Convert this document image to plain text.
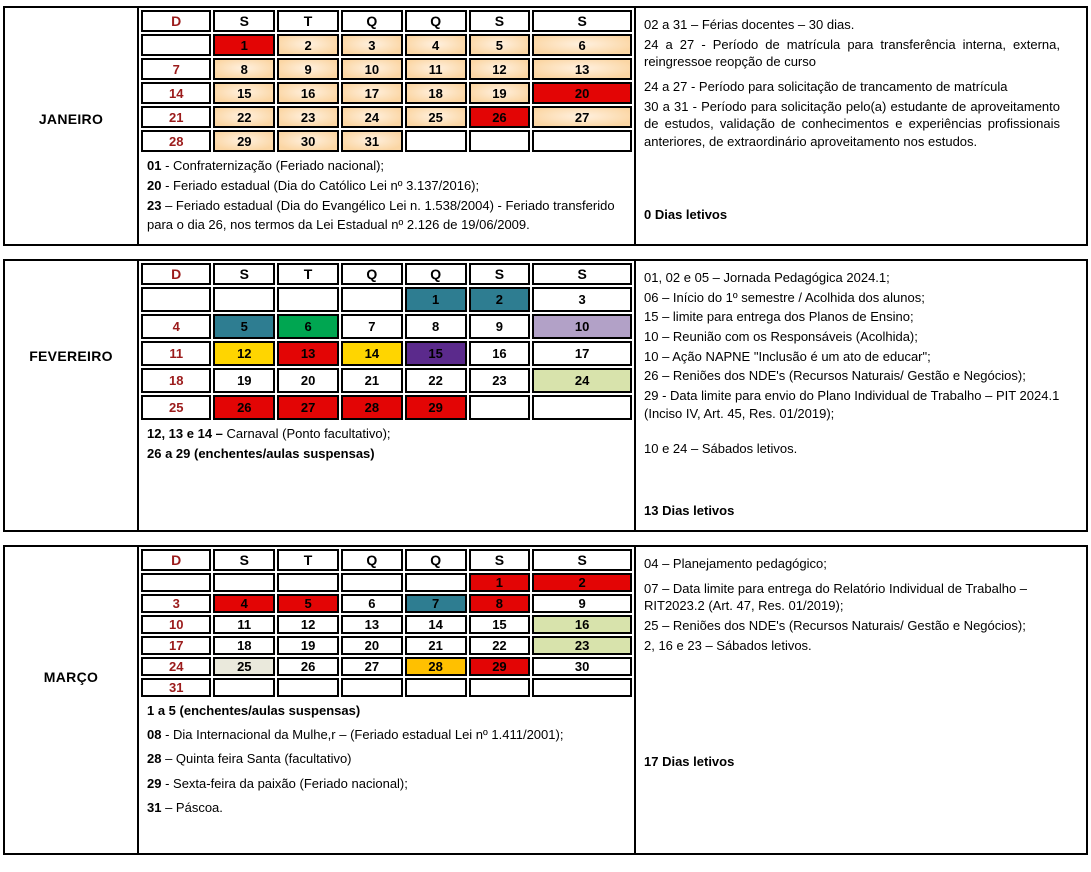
JANEIRO
D	S	T	Q	Q	S	S
	1	2	3	4	5	6
7	8	9	10	11	12	13
14	15	16	17	18	19	20
21	22	23	24	25	26	27
28	29	30	31			

01 - Confraternização (Feriado nacional);

20 - Feriado estadual (Dia do Católico Lei nº 3.137/2016);

23 – Feriado estadual (Dia do Evangélico Lei n. 1.538/2004) - Feriado transferido para o dia 26, nos termos da Lei Estadual nº 2.126 de 19/06/2009.

02 a 31 – Férias docentes – 30 dias.

24 a 27 - Período de matrícula para transferência interna, externa, reingressoe reopção de curso

24 a 27 - Período para solicitação de trancamento de matrícula

30 a 31 - Período para solicitação pelo(a) estudante de aproveitamento de estudos, validação de conhecimentos e experiências profissionais anteriores, de extraordinário aproveitamento nos estudos.

0 Dias letivos
FEVEREIRO
D	S	T	Q	Q	S	S
				1	2	3
4	5	6	7	8	9	10
11	12	13	14	15	16	17
18	19	20	21	22	23	24
25	26	27	28	29		

12, 13 e 14 – Carnaval (Ponto facultativo);

26 a 29 (enchentes/aulas suspensas)

01, 02 e 05 – Jornada Pedagógica 2024.1;

06 – Início do 1º semestre / Acolhida dos alunos;

15 – limite para entrega dos Planos de Ensino;

10 – Reunião com os Responsáveis (Acolhida);

10 – Ação NAPNE "Inclusão é um ato de educar";

26 – Reniões dos NDE's (Recursos Naturais/ Gestão e Negócios);

29 - Data limite para envio do Plano Individual de Trabalho – PIT 2024.1 (Inciso IV, Art. 45, Res. 01/2019);

10 e 24 – Sábados letivos.

13 Dias letivos
MARÇO
D	S	T	Q	Q	S	S
					1	2
3	4	5	6	7	8	9
10	11	12	13	14	15	16
17	18	19	20	21	22	23
24	25	26	27	28	29	30
31						

1 a 5 (enchentes/aulas suspensas)

08 - Dia Internacional da Mulhe,r – (Feriado estadual Lei nº 1.411/2001);

28 – Quinta feira Santa (facultativo)

29 - Sexta-feira da paixão (Feriado nacional);

31 – Páscoa.

04 – Planejamento pedagógico;

07 – Data limite para entrega do Relatório Individual de Trabalho – RIT2023.2 (Art. 47, Res. 01/2019);

25 – Reniões dos NDE's (Recursos Naturais/ Gestão e Negócios);

2, 16 e 23 – Sábados letivos.

17 Dias letivos
